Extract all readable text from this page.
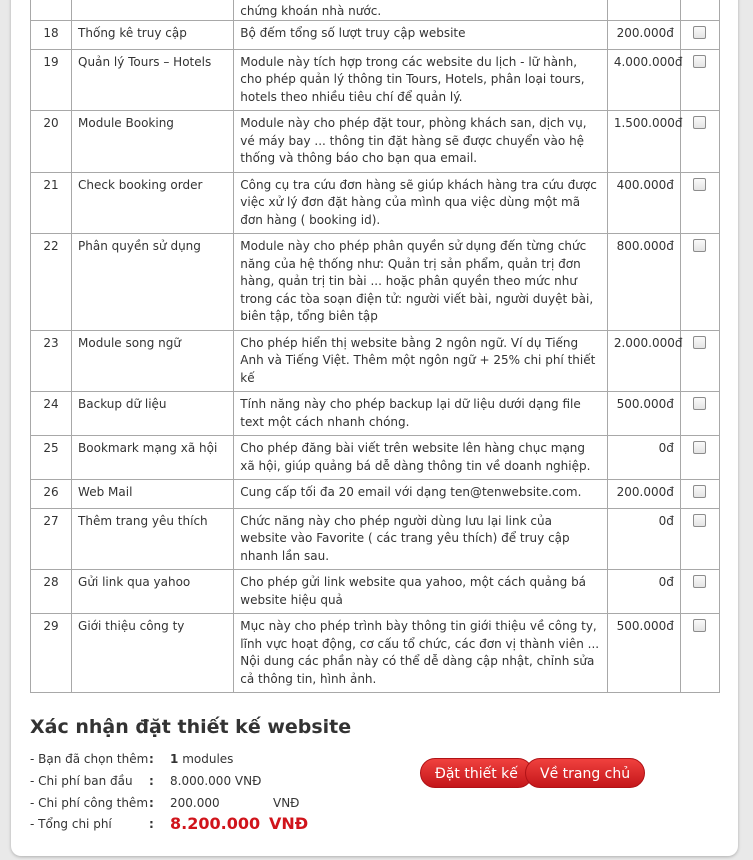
		chứng khoán nhà nước.		
18	Thống kê truy cập	Bộ đếm tổng số lượt truy cập website	200.000đ	
19	Quản lý Tours – Hotels	Module này tích hợp trong các website du lịch - lữ hành, cho phép quản lý thông tin Tours, Hotels, phân loại tours, hotels theo nhiều tiêu chí để quản lý.	4.000.000đ	
20	Module Booking	Module này cho phép đặt tour, phòng khách san, dịch vụ, vé máy bay ... thông tin đặt hàng sẽ được chuyển vào hệ thống và thông báo cho bạn qua email.	1.500.000đ	
21	Check booking order	Công cụ tra cứu đơn hàng sẽ giúp khách hàng tra cứu được việc xử lý đơn đặt hàng của mình qua việc dùng một mã đơn hàng ( booking id).	400.000đ	
22	Phân quyền sử dụng	Module này cho phép phân quyền sử dụng đến từng chức năng của hệ thống như: Quản trị sản phẩm, quản trị đơn hàng, quản trị tin bài ... hoặc phân quyền theo mức như trong các tòa soạn điện tử: người viết bài, người duyệt bài, biên tập, tổng biên tập	800.000đ	
23	Module song ngữ	Cho phép hiển thị website bằng 2 ngôn ngữ. Ví dụ Tiếng Anh và Tiếng Việt. Thêm một ngôn ngữ + 25% chi phí thiết kế	2.000.000đ	
24	Backup dữ liệu	Tính năng này cho phép backup lại dữ liệu dưới dạng file text một cách nhanh chóng.	500.000đ	
25	Bookmark mạng xã hội	Cho phép đăng bài viết trên website lên hàng chục mạng xã hội, giúp quảng bá dễ dàng thông tin về doanh nghiệp.	0đ	
26	Web Mail	Cung cấp tối đa 20 email với dạng ten@tenwebsite.com.	200.000đ	
27	Thêm trang yêu thích	Chức năng này cho phép người dùng lưu lại link của website vào Favorite ( các trang yêu thích) để truy cập nhanh lần sau.	0đ	
28	Gửi link qua yahoo	Cho phép gửi link website qua yahoo, một cách quảng bá website hiệu quả	0đ	
29	Giới thiệu công ty	Mục này cho phép trình bày thông tin giới thiệu về công ty, lĩnh vực hoạt động, cơ cấu tổ chức, các đơn vị thành viên ... Nội dung các phần này có thể dễ dàng cập nhật, chỉnh sửa cả thông tin, hình ảnh.	500.000đ	
Xác nhận đặt thiết kế website
- Bạn đã chọn thêm : 1 modules
- Chi phí ban đầu : 8.000.000 VNĐ
- Chi phí công thêm : 200.000	VNĐ
- Tổng chi phí	: 8.200.000 VNĐ
Đặt thiết kế	Về trang chủ
